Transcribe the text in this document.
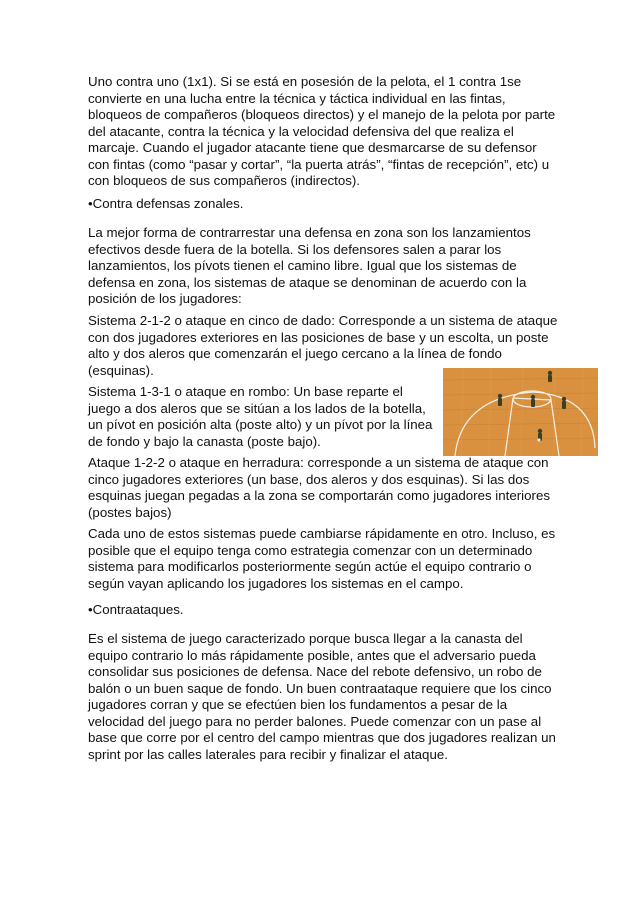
Uno contra uno (1x1). Si se está en posesión de la pelota, el 1 contra 1se
convierte en una lucha entre la técnica y táctica individual en las fintas,
bloqueos de compañeros (bloqueos directos) y el manejo de la pelota por parte
del atacante, contra la técnica y la velocidad defensiva del que realiza el
marcaje. Cuando el jugador atacante tiene que desmarcarse de su defensor
con fintas (como “pasar y cortar”, “la puerta atrás”, “fintas de recepción”, etc) u
con bloqueos de sus compañeros (indirectos).
•Contra defensas zonales.
La mejor forma de contrarrestar una defensa en zona son los lanzamientos
efectivos desde fuera de la botella. Si los defensores salen a parar los
lanzamientos, los pívots tienen el camino libre. Igual que los sistemas de
defensa en zona, los sistemas de ataque se denominan de acuerdo con la
posición de los jugadores:
Sistema 2-1-2 o ataque en cinco de dado: Corresponde a un sistema de ataque
con dos jugadores exteriores en las posiciones de base y un escolta, un poste
alto y dos aleros que comenzarán el juego cercano a la línea de fondo
(esquinas).
Sistema 1-3-1 o ataque en rombo: Un base reparte el
juego a dos aleros que se sitúan a los lados de la botella,
un pívot en posición alta (poste alto) y un pívot por la línea
de fondo y bajo la canasta (poste bajo).
Ataque 1-2-2 o ataque en herradura: corresponde a un sistema de ataque con
cinco jugadores exteriores (un base, dos aleros y dos esquinas). Si las dos
esquinas juegan pegadas a la zona se comportarán como jugadores interiores
(postes bajos)
Cada uno de estos sistemas puede cambiarse rápidamente en otro. Incluso, es
posible que el equipo tenga como estrategia comenzar con un determinado
sistema para modificarlos posteriormente según actúe el equipo contrario o
según vayan aplicando los jugadores los sistemas en el campo.
•Contraataques.
Es el sistema de juego caracterizado porque busca llegar a la canasta del
equipo contrario lo más rápidamente posible, antes que el adversario pueda
consolidar sus posiciones de defensa. Nace del rebote defensivo, un robo de
balón o un buen saque de fondo. Un buen contraataque requiere que los cinco
jugadores corran y que se efectúen bien los fundamentos a pesar de la
velocidad del juego para no perder balones. Puede comenzar con un pase al
base que corre por el centro del campo mientras que dos jugadores realizan un
sprint por las calles laterales para recibir y finalizar el ataque.
